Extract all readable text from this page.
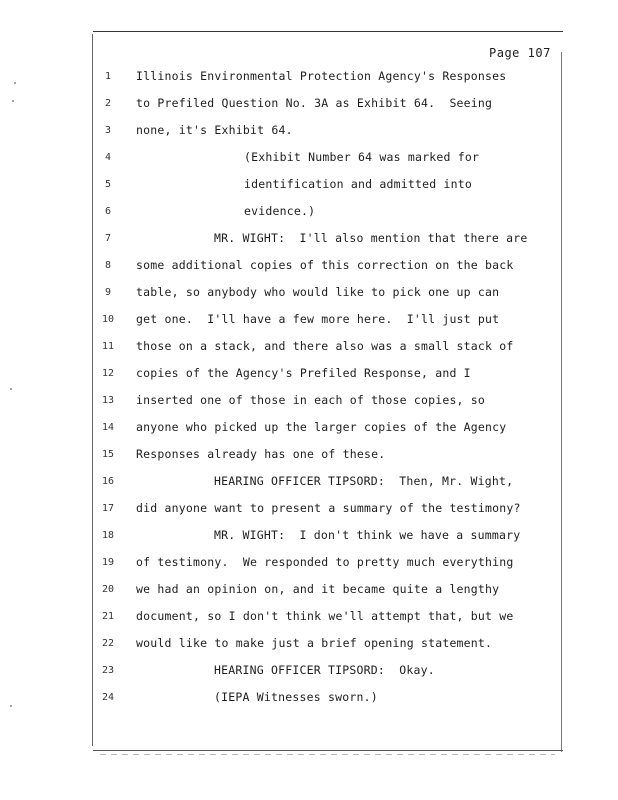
Page 107
1	Illinois Environmental Protection Agency's Responses
2	to Prefiled Question No. 3A as Exhibit 64.  Seeing
3	none, it's Exhibit 64.
4	(Exhibit Number 64 was marked for
5	identification and admitted into
6	evidence.)
7	MR. WIGHT:  I'll also mention that there are
8	some additional copies of this correction on the back
9	table, so anybody who would like to pick one up can
10	get one.  I'll have a few more here.  I'll just put
11	those on a stack, and there also was a small stack of
12	copies of the Agency's Prefiled Response, and I
13	inserted one of those in each of those copies, so
14	anyone who picked up the larger copies of the Agency
15	Responses already has one of these.
16	HEARING OFFICER TIPSORD:  Then, Mr. Wight,
17	did anyone want to present a summary of the testimony?
18	MR. WIGHT:  I don't think we have a summary
19	of testimony.  We responded to pretty much everything
20	we had an opinion on, and it became quite a lengthy
21	document, so I don't think we'll attempt that, but we
22	would like to make just a brief opening statement.
23	HEARING OFFICER TIPSORD:  Okay.
24	(IEPA Witnesses sworn.)
